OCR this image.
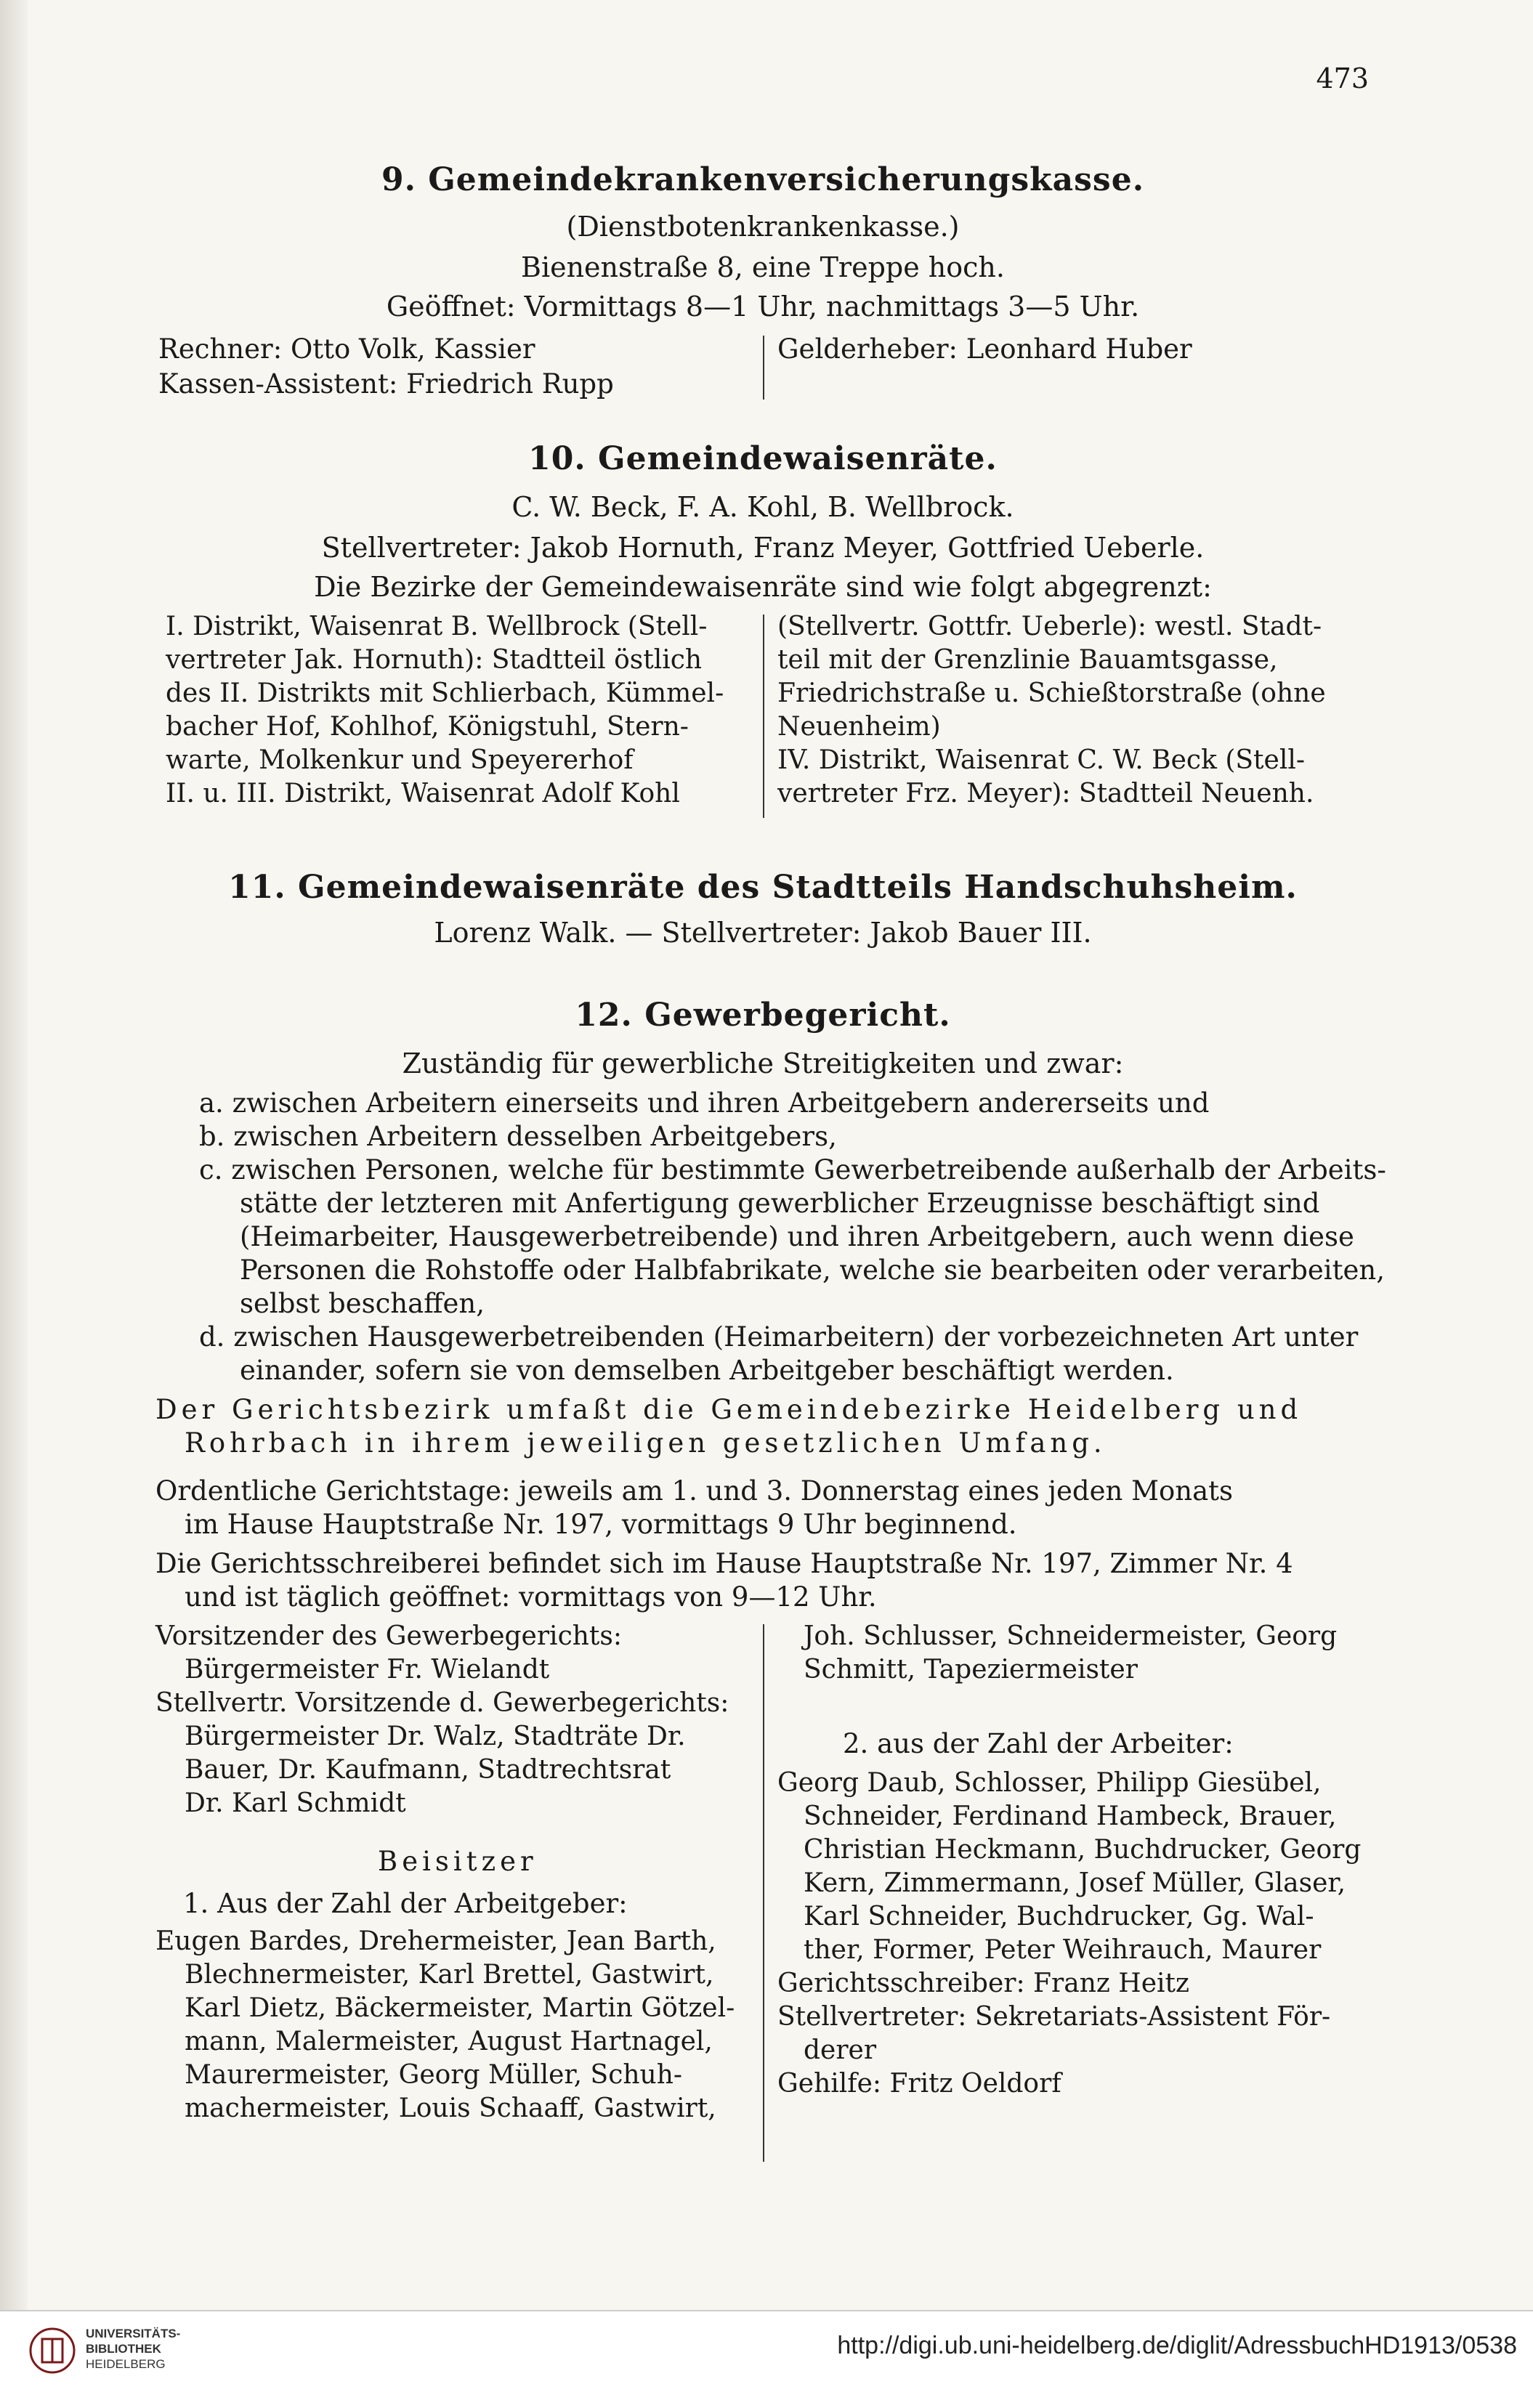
473
9. Gemeindekrankenversicherungskasse.
(Dienstbotenkrankenkasse.)
Bienenstraße 8, eine Treppe hoch.
Geöffnet: Vormittags 8—1 Uhr, nachmittags 3—5 Uhr.
Rechner: Otto Volk, Kassier
Kassen-Assistent: Friedrich Rupp
Gelderheber: Leonhard Huber
10. Gemeindewaisenräte.
C. W. Beck, F. A. Kohl, B. Wellbrock.
Stellvertreter: Jakob Hornuth, Franz Meyer, Gottfried Ueberle.
Die Bezirke der Gemeindewaisenräte sind wie folgt abgegrenzt:
I. Distrikt, Waisenrat B. Wellbrock (Stell-
vertreter Jak. Hornuth): Stadtteil östlich
des II. Distrikts mit Schlierbach, Kümmel-
bacher Hof, Kohlhof, Königstuhl, Stern-
warte, Molkenkur und Speyererhof
II. u. III. Distrikt, Waisenrat Adolf Kohl
(Stellvertr. Gottfr. Ueberle): westl. Stadt-
teil mit der Grenzlinie Bauamtsgasse,
Friedrichstraße u. Schießtorstraße (ohne
Neuenheim)
IV. Distrikt, Waisenrat C. W. Beck (Stell-
vertreter Frz. Meyer): Stadtteil Neuenh.
11. Gemeindewaisenräte des Stadtteils Handschuhsheim.
Lorenz Walk. — Stellvertreter: Jakob Bauer III.
12. Gewerbegericht.
Zuständig für gewerbliche Streitigkeiten und zwar:
a. zwischen Arbeitern einerseits und ihren Arbeitgebern andererseits und
b. zwischen Arbeitern desselben Arbeitgebers,
c. zwischen Personen, welche für bestimmte Gewerbetreibende außerhalb der Arbeits-
stätte der letzteren mit Anfertigung gewerblicher Erzeugnisse beschäftigt sind
(Heimarbeiter, Hausgewerbetreibende) und ihren Arbeitgebern, auch wenn diese
Personen die Rohstoffe oder Halbfabrikate, welche sie bearbeiten oder verarbeiten,
selbst beschaffen,
d. zwischen Hausgewerbetreibenden (Heimarbeitern) der vorbezeichneten Art unter
einander, sofern sie von demselben Arbeitgeber beschäftigt werden.
Der Gerichtsbezirk umfaßt die Gemeindebezirke Heidelberg und
Rohrbach in ihrem jeweiligen gesetzlichen Umfang.
Ordentliche Gerichtstage: jeweils am 1. und 3. Donnerstag eines jeden Monats
im Hause Hauptstraße Nr. 197, vormittags 9 Uhr beginnend.
Die Gerichtsschreiberei befindet sich im Hause Hauptstraße Nr. 197, Zimmer Nr. 4
und ist täglich geöffnet: vormittags von 9—12 Uhr.
Vorsitzender des Gewerbegerichts:
Bürgermeister Fr. Wielandt
Stellvertr. Vorsitzende d. Gewerbegerichts:
Bürgermeister Dr. Walz, Stadträte Dr.
Bauer, Dr. Kaufmann, Stadtrechtsrat
Dr. Karl Schmidt
Beisitzer
1. Aus der Zahl der Arbeitgeber:
Eugen Bardes, Drehermeister, Jean Barth,
Blechnermeister, Karl Brettel, Gastwirt,
Karl Dietz, Bäckermeister, Martin Götzel-
mann, Malermeister, August Hartnagel,
Maurermeister, Georg Müller, Schuh-
machermeister, Louis Schaaff, Gastwirt,
Joh. Schlusser, Schneidermeister, Georg
Schmitt, Tapeziermeister
2. aus der Zahl der Arbeiter:
Georg Daub, Schlosser, Philipp Giesübel,
Schneider, Ferdinand Hambeck, Brauer,
Christian Heckmann, Buchdrucker, Georg
Kern, Zimmermann, Josef Müller, Glaser,
Karl Schneider, Buchdrucker, Gg. Wal-
ther, Former, Peter Weihrauch, Maurer
Gerichtsschreiber: Franz Heitz
Stellvertreter: Sekretariats-Assistent För-
derer
Gehilfe: Fritz Oeldorf
UNIVERSITÄTS-
BIBLIOTHEK
HEIDELBERG
http://digi.ub.uni-heidelberg.de/diglit/AdressbuchHD1913/0538
